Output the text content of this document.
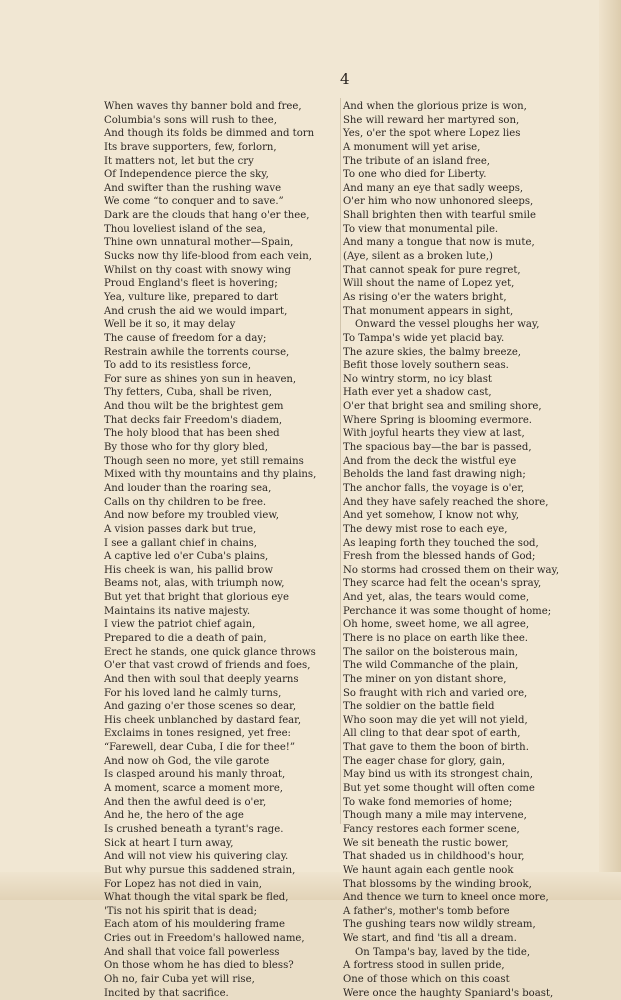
4
When waves thy banner bold and free,
Columbia's sons will rush to thee,
And though its folds be dimmed and torn
Its brave supporters, few, forlorn,
It matters not, let but the cry
Of Independence pierce the sky,
And swifter than the rushing wave
We come “to conquer and to save.”
Dark are the clouds that hang o'er thee,
Thou loveliest island of the sea,
Thine own unnatural mother—Spain,
Sucks now thy life-blood from each vein,
Whilst on thy coast with snowy wing
Proud England's fleet is hovering;
Yea, vulture like, prepared to dart
And crush the aid we would impart,
Well be it so, it may delay
The cause of freedom for a day;
Restrain awhile the torrents course,
To add to its resistless force,
For sure as shines yon sun in heaven,
Thy fetters, Cuba, shall be riven,
And thou wilt be the brightest gem
That decks fair Freedom's diadem,
The holy blood that has been shed
By those who for thy glory bled,
Though seen no more, yet still remains
Mixed with thy mountains and thy plains,
And louder than the roaring sea,
Calls on thy children to be free.
And now before my troubled view,
A vision passes dark but true,
I see a gallant chief in chains,
A captive led o'er Cuba's plains,
His cheek is wan, his pallid brow
Beams not, alas, with triumph now,
But yet that bright that glorious eye
Maintains its native majesty.
I view the patriot chief again,
Prepared to die a death of pain,
Erect he stands, one quick glance throws
O'er that vast crowd of friends and foes,
And then with soul that deeply yearns
For his loved land he calmly turns,
And gazing o'er those scenes so dear,
His cheek unblanched by dastard fear,
Exclaims in tones resigned, yet free:
“Farewell, dear Cuba, I die for thee!”
And now oh God, the vile garote
Is clasped around his manly throat,
A moment, scarce a moment more,
And then the awful deed is o'er,
And he, the hero of the age
Is crushed beneath a tyrant's rage.
Sick at heart I turn away,
And will not view his quivering clay.
But why pursue this saddened strain,
For Lopez has not died in vain,
What though the vital spark be fled,
'Tis not his spirit that is dead;
Each atom of his mouldering frame
Cries out in Freedom's hallowed name,
And shall that voice fall powerless
On those whom he has died to bless?
Oh no, fair Cuba yet will rise,
Incited by that sacrifice.
And when the glorious prize is won,
She will reward her martyred son,
Yes, o'er the spot where Lopez lies
A monument will yet arise,
The tribute of an island free,
To one who died for Liberty.
And many an eye that sadly weeps,
O'er him who now unhonored sleeps,
Shall brighten then with tearful smile
To view that monumental pile.
And many a tongue that now is mute,
(Aye, silent as a broken lute,)
That cannot speak for pure regret,
Will shout the name of Lopez yet,
As rising o'er the waters bright,
That monument appears in sight,
Onward the vessel ploughs her way,
To Tampa's wide yet placid bay.
The azure skies, the balmy breeze,
Befit those lovely southern seas.
No wintry storm, no icy blast
Hath ever yet a shadow cast,
O'er that bright sea and smiling shore,
Where Spring is blooming evermore.
With joyful hearts they view at last,
The spacious bay—the bar is passed,
And from the deck the wistful eye
Beholds the land fast drawing nigh;
The anchor falls, the voyage is o'er,
And they have safely reached the shore,
And yet somehow, I know not why,
The dewy mist rose to each eye,
As leaping forth they touched the sod,
Fresh from the blessed hands of God;
No storms had crossed them on their way,
They scarce had felt the ocean's spray,
And yet, alas, the tears would come,
Perchance it was some thought of home;
Oh home, sweet home, we all agree,
There is no place on earth like thee.
The sailor on the boisterous main,
The wild Commanche of the plain,
The miner on yon distant shore,
So fraught with rich and varied ore,
The soldier on the battle field
Who soon may die yet will not yield,
All cling to that dear spot of earth,
That gave to them the boon of birth.
The eager chase for glory, gain,
May bind us with its strongest chain,
But yet some thought will often come
To wake fond memories of home;
Though many a mile may intervene,
Fancy restores each former scene,
We sit beneath the rustic bower,
That shaded us in childhood's hour,
We haunt again each gentle nook
That blossoms by the winding brook,
And thence we turn to kneel once more,
A father's, mother's tomb before
The gushing tears now wildly stream,
We start, and find 'tis all a dream.
On Tampa's bay, laved by the tide,
A fortress stood in sullen pride,
One of those which on this coast
Were once the haughty Spaniard's boast,
